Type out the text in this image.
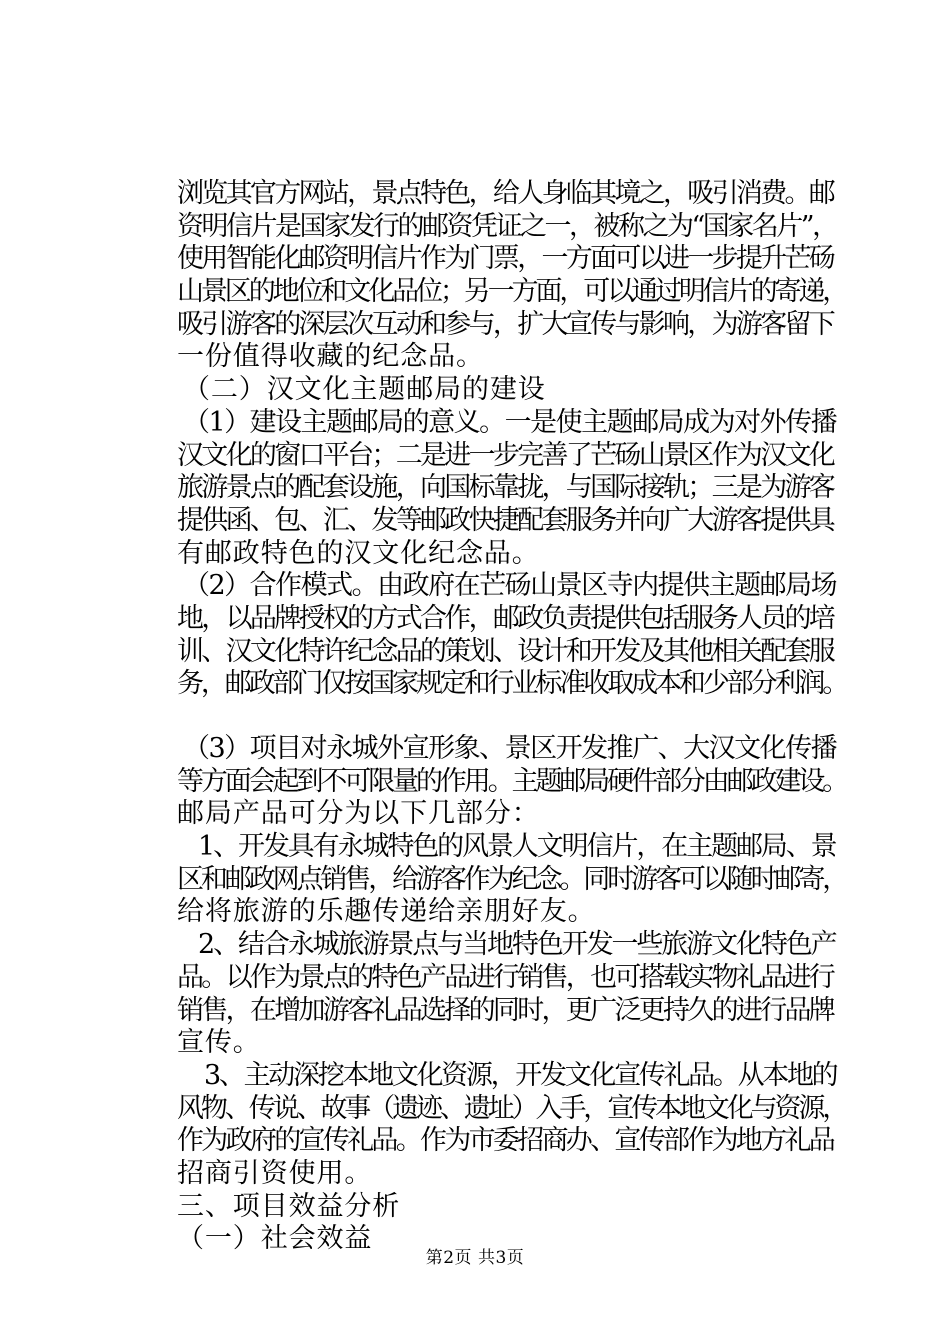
浏览其官方网站，景点特色，给人身临其境之，吸引消费。邮
资明信片是国家发行的邮资凭证之一，被称之为“国家名片”，
使用智能化邮资明信片作为门票，一方面可以进一步提升芒砀
山景区的地位和文化品位；另一方面，可以通过明信片的寄递，
吸引游客的深层次互动和参与，扩大宣传与影响，为游客留下
一份值得收藏的纪念品。
（二）汉文化主题邮局的建设
（1）建设主题邮局的意义。一是使主题邮局成为对外传播
汉文化的窗口平台；二是进一步完善了芒砀山景区作为汉文化
旅游景点的配套设施，向国标靠拢，与国际接轨；三是为游客
提供函、包、汇、发等邮政快捷配套服务并向广大游客提供具
有邮政特色的汉文化纪念品。
（2）合作模式。由政府在芒砀山景区寺内提供主题邮局场
地，以品牌授权的方式合作，邮政负责提供包括服务人员的培
训、汉文化特许纪念品的策划、设计和开发及其他相关配套服
务，邮政部门仅按国家规定和行业标准收取成本和少部分利润。
（3）项目对永城外宣形象、景区开发推广、大汉文化传播
等方面会起到不可限量的作用。主题邮局硬件部分由邮政建设。
邮局产品可分为以下几部分：
1、开发具有永城特色的风景人文明信片，在主题邮局、景
区和邮政网点销售，给游客作为纪念。同时游客可以随时邮寄，
给将旅游的乐趣传递给亲朋好友。
2、结合永城旅游景点与当地特色开发一些旅游文化特色产
品。以作为景点的特色产品进行销售，也可搭载实物礼品进行
销售，在增加游客礼品选择的同时，更广泛更持久的进行品牌
宣传。
3、主动深挖本地文化资源，开发文化宣传礼品。从本地的
风物、传说、故事（遗迹、遗址）入手，宣传本地文化与资源，
作为政府的宣传礼品。作为市委招商办、宣传部作为地方礼品
招商引资使用。
三、项目效益分析
（一）社会效益
第2页 共3页
